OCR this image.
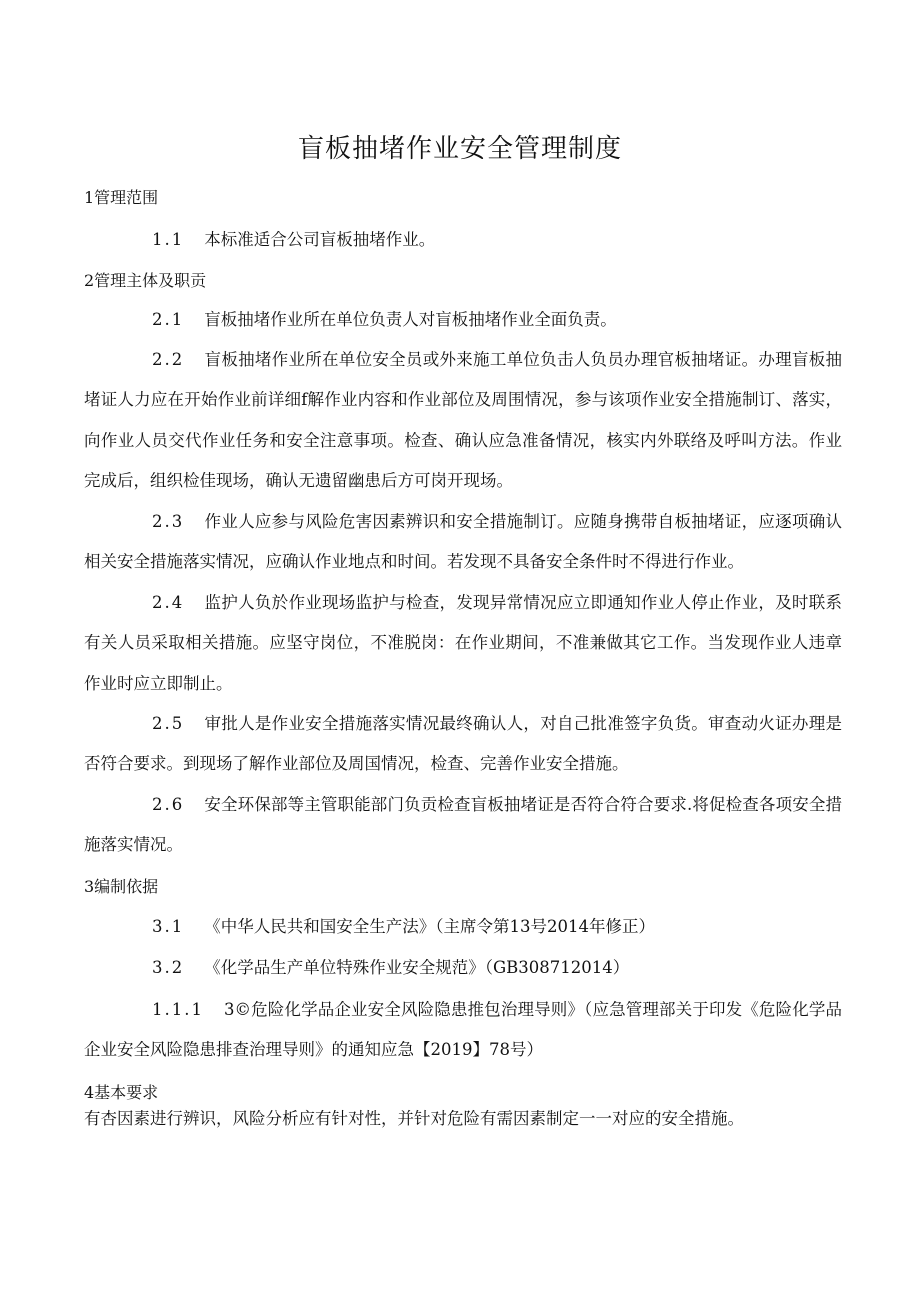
盲板抽堵作业安全管理制度

1管理范围

1.1 本标准适合公司盲板抽堵作业。

2管理主体及职贡

2.1 盲板抽堵作业所在单位负责人对盲板抽堵作业全面负责。

2.2 盲板抽堵作业所在单位安全员或外来施工单位负击人负员办理官板抽堵证。办理盲板抽堵证人力应在开始作业前详细f解作业内容和作业部位及周围情况，参与该项作业安全措施制订、落实，向作业人员交代作业任务和安全注意事项。检查、确认应急准备情况，核实内外联络及呼叫方法。作业完成后，组织检佳现场，确认无遗留幽患后方可岗开现场。

2.3 作业人应参与风险危害因素辨识和安全措施制订。应随身携带自板抽堵证，应逐项确认相关安全措施落实情况，应确认作业地点和时间。若发现不具备安全条件时不得进行作业。

2.4 监护人负於作业现场监护与检查，发现异常情况应立即通知作业人停止作业，及时联系有关人员采取相关措施。应坚守岗位，不准脱岗：在作业期间，不准兼做其它工作。当发现作业人违章作业时应立即制止。

2.5 审批人是作业安全措施落实情况最终确认人，对自己批准签字负货。审查动火证办理是否符合要求。到现场了解作业部位及周国情况，检查、完善作业安全措施。

2.6 安全环保部等主管职能部门负贡检查盲板抽堵证是否符合符合要求.将促检查各项安全措施落实情况。

3编制依据

3.1 《中华人民共和国安全生产法》（主席令第13号2014年修正）

3.2 《化学品生产单位特殊作业安全规范》（GB308712014）

1.1.1 3©危险化学品企业安全风险隐患推包治理导则》（应急管理部关于印发《危险化学品企业安全风险隐患排查治理导则》的通知应急【2019】78号）

4基本要求

有杏因素进行辨识，风险分析应有针对性，并针对危险有需因素制定一一对应的安全措施。
